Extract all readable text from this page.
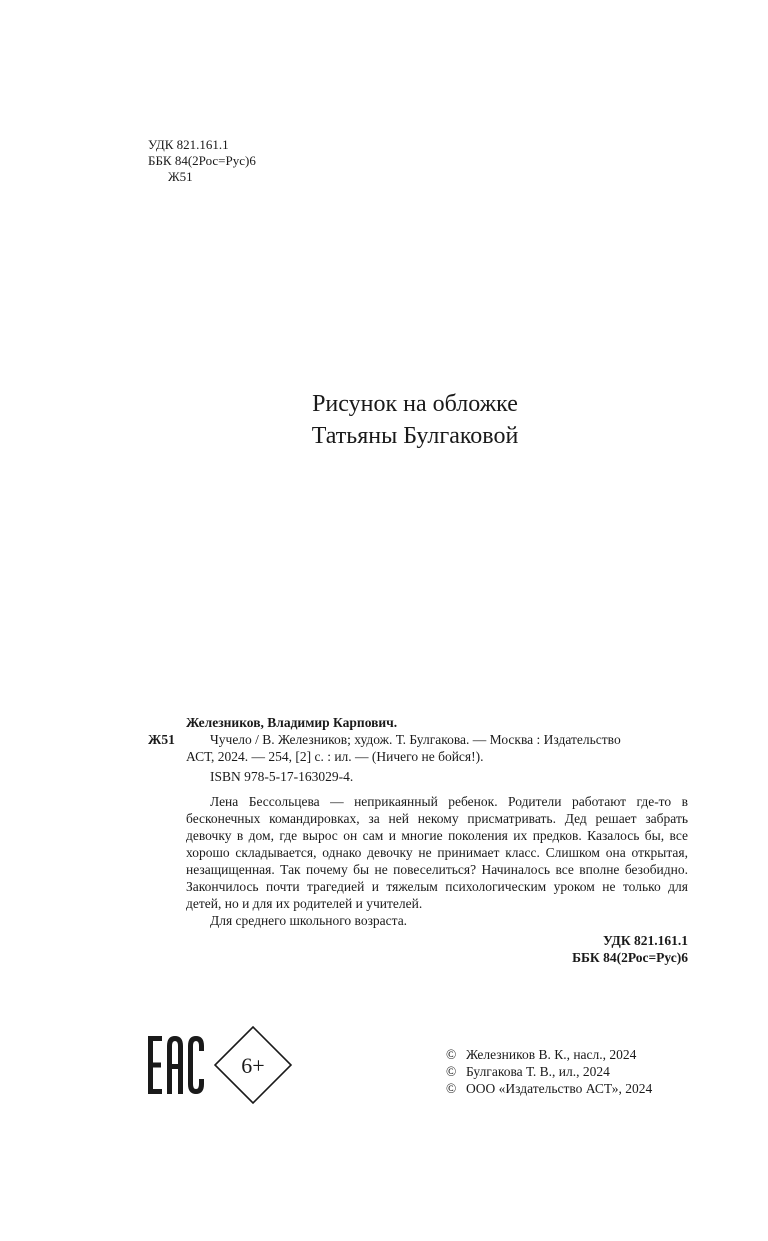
УДК 821.161.1
ББК 84(2Рос=Рус)6
Ж51
Рисунок на обложке
Татьяны Булгаковой
Железников, Владимир Карпович.
Ж51	Чучело / В. Железников; худож. Т. Булгакова. — Москва : Издательство
АСТ, 2024. — 254, [2] с. : ил. — (Ничего не бойся!).
ISBN 978-5-17-163029-4.

Лена Бессольцева — неприкаянный ребенок. Родители работают где-то в бесконечных командировках, за ней некому присматривать. Дед решает забрать девочку в дом, где вырос он сам и многие поколения их предков. Казалось бы, все хорошо складывается, однако девочку не принимает класс. Слишком она открытая, незащищенная. Так почему бы не повеселиться? Начиналось все вполне безобидно. Закончилось почти трагедией и тяжелым психологическим уроком не только для детей, но и для их родителей и учителей.

Для среднего школьного возраста.
УДК 821.161.1
ББК 84(2Рос=Рус)6
6+	© Железников В. К., насл., 2024
© Булгакова Т. В., ил., 2024
© ООО «Издательство АСТ», 2024
